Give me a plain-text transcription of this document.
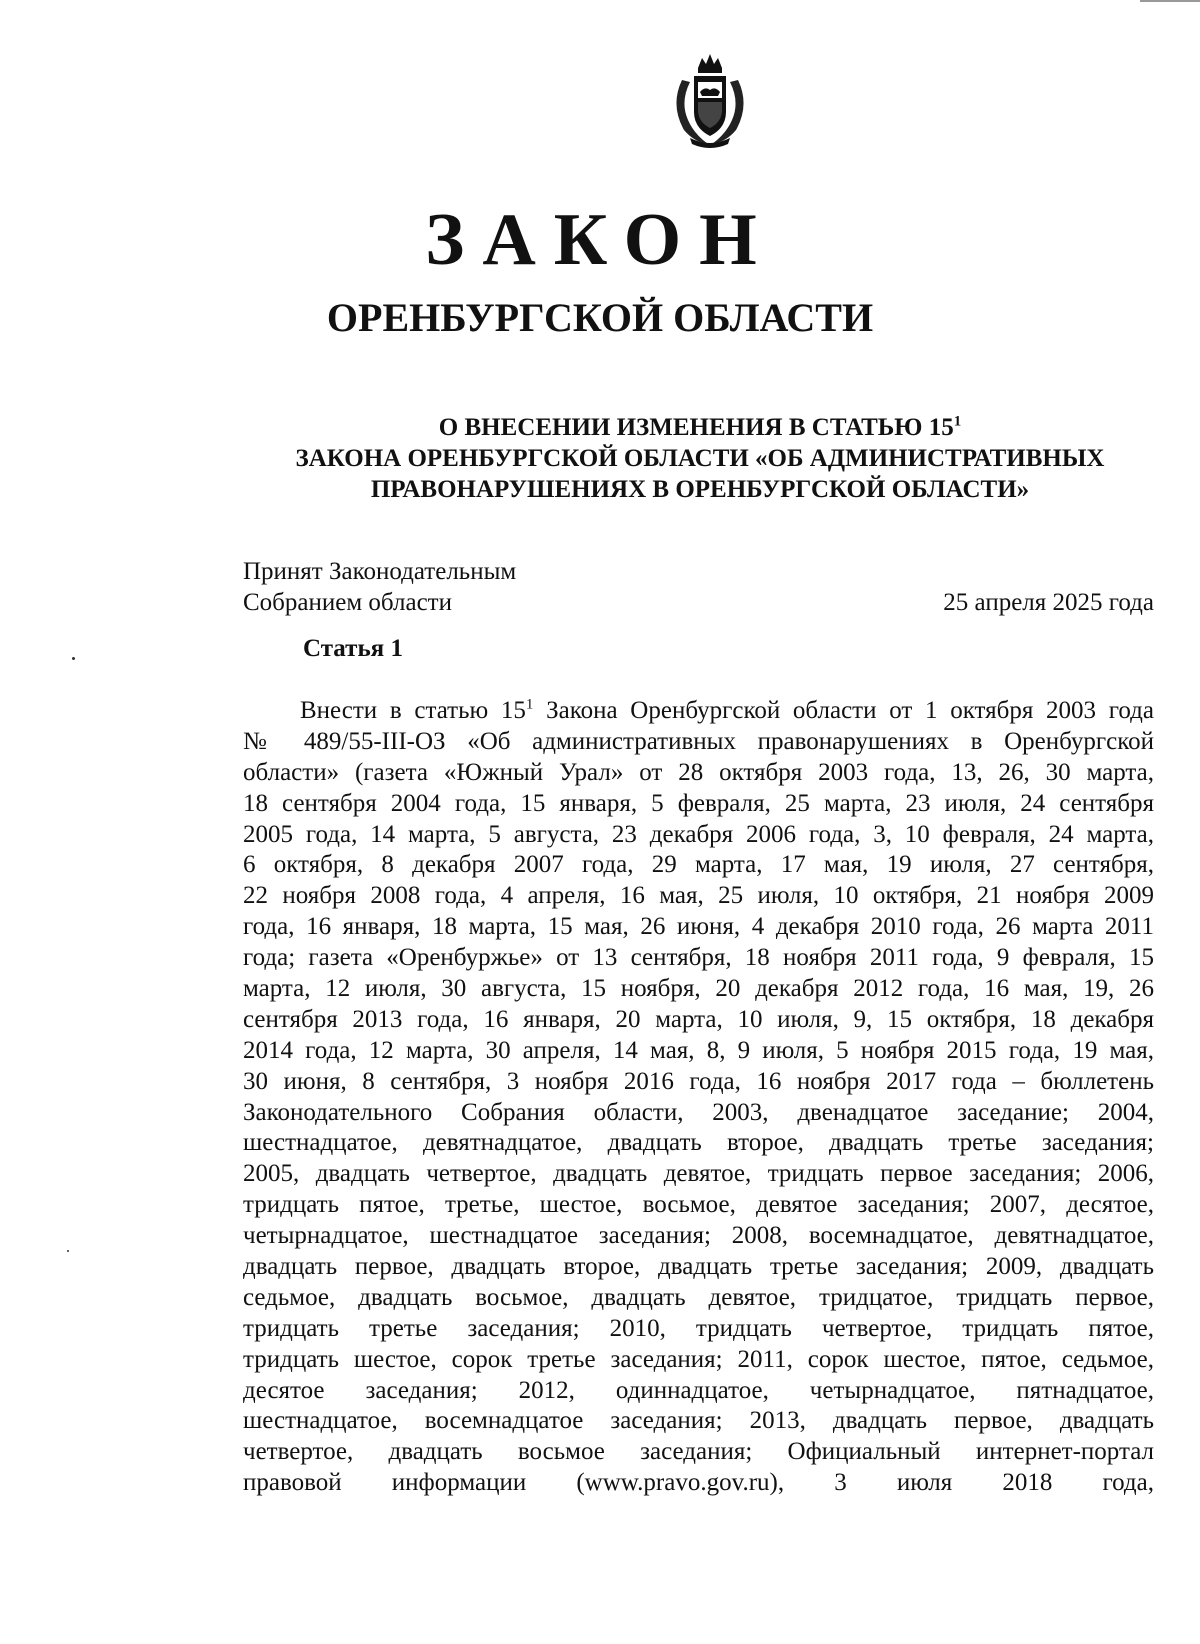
ЗАКОН
ОРЕНБУРГСКОЙ ОБЛАСТИ
О ВНЕСЕНИИ ИЗМЕНЕНИЯ В СТАТЬЮ $15^1$
ЗАКОНА ОРЕНБУРГСКОЙ ОБЛАСТИ «ОБ АДМИНИСТРАТИВНЫХ
ПРАВОНАРУШЕНИЯХ В ОРЕНБУРГСКОЙ ОБЛАСТИ»
Принят Законодательным
Собранием области	25 апреля 2025 года
Статья 1
Внести в статью $15^1$ Закона Оренбургской области от 1 октября 2003 года
№ 489/55-III-ОЗ «Об административных правонарушениях в Оренбургской
области» (газета «Южный Урал» от 28 октября 2003 года, 13, 26, 30 марта,
18 сентября 2004 года, 15 января, 5 февраля, 25 марта, 23 июля, 24 сентября
2005 года, 14 марта, 5 августа, 23 декабря 2006 года, 3, 10 февраля, 24 марта,
6 октября, 8 декабря 2007 года, 29 марта, 17 мая, 19 июля, 27 сентября,
22 ноября 2008 года, 4 апреля, 16 мая, 25 июля, 10 октября, 21 ноября 2009
года, 16 января, 18 марта, 15 мая, 26 июня, 4 декабря 2010 года, 26 марта 2011
года; газета «Оренбуржье» от 13 сентября, 18 ноября 2011 года, 9 февраля, 15
марта, 12 июля, 30 августа, 15 ноября, 20 декабря 2012 года, 16 мая, 19, 26
сентября 2013 года, 16 января, 20 марта, 10 июля, 9, 15 октября, 18 декабря
2014 года, 12 марта, 30 апреля, 14 мая, 8, 9 июля, 5 ноября 2015 года, 19 мая,
30 июня, 8 сентября, 3 ноября 2016 года, 16 ноября 2017 года – бюллетень
Законодательного Собрания области, 2003, двенадцатое заседание; 2004,
шестнадцатое, девятнадцатое, двадцать второе, двадцать третье заседания;
2005, двадцать четвертое, двадцать девятое, тридцать первое заседания; 2006,
тридцать пятое, третье, шестое, восьмое, девятое заседания; 2007, десятое,
четырнадцатое, шестнадцатое заседания; 2008, восемнадцатое, девятнадцатое,
двадцать первое, двадцать второе, двадцать третье заседания; 2009, двадцать
седьмое, двадцать восьмое, двадцать девятое, тридцатое, тридцать первое,
тридцать третье заседания; 2010, тридцать четвертое, тридцать пятое,
тридцать шестое, сорок третье заседания; 2011, сорок шестое, пятое, седьмое,
десятое заседания; 2012, одиннадцатое, четырнадцатое, пятнадцатое,
шестнадцатое, восемнадцатое заседания; 2013, двадцать первое, двадцать
четвертое, двадцать восьмое заседания; Официальный интернет-портал
правовой информации (www.pravo.gov.ru), 3 июля 2018 года,
